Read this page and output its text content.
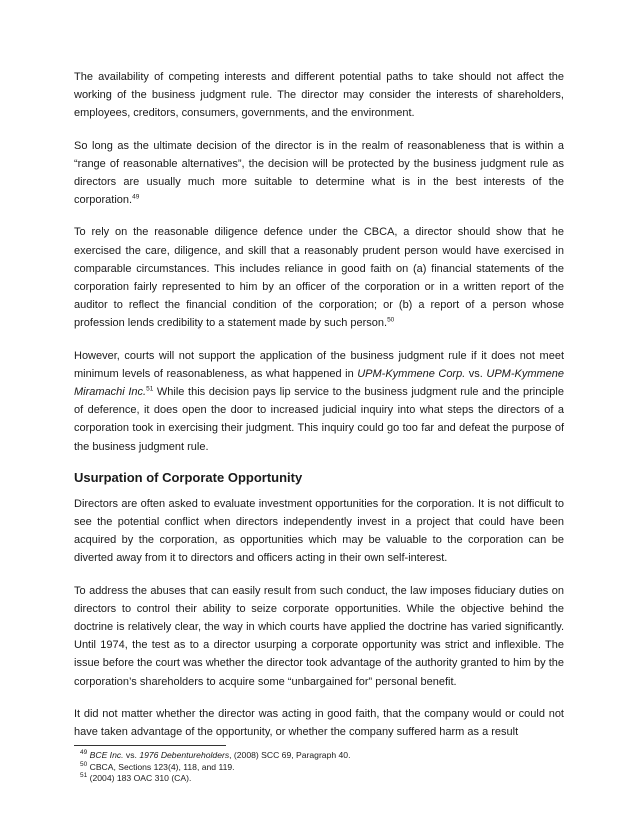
The availability of competing interests and different potential paths to take should not affect the working of the business judgment rule. The director may consider the interests of shareholders, employees, creditors, consumers, governments, and the environment.

So long as the ultimate decision of the director is in the realm of reasonableness that is within a “range of reasonable alternatives”, the decision will be protected by the business judgment rule as directors are usually much more suitable to determine what is in the best interests of the corporation.$^{49}$

To rely on the reasonable diligence defence under the CBCA, a director should show that he exercised the care, diligence, and skill that a reasonably prudent person would have exercised in comparable circumstances. This includes reliance in good faith on (a) financial statements of the corporation fairly represented to him by an officer of the corporation or in a written report of the auditor to reflect the financial condition of the corporation; or (b) a report of a person whose profession lends credibility to a statement made by such person.$^{50}$

However, courts will not support the application of the business judgment rule if it does not meet minimum levels of reasonableness, as what happened in UPM-Kymmene Corp. vs. UPM-Kymmene Miramachi Inc.$^{51}$ While this decision pays lip service to the business judgment rule and the principle of deference, it does open the door to increased judicial inquiry into what steps the directors of a corporation took in exercising their judgment. This inquiry could go too far and defeat the purpose of the business judgment rule.

Usurpation of Corporate Opportunity

Directors are often asked to evaluate investment opportunities for the corporation. It is not difficult to see the potential conflict when directors independently invest in a project that could have been acquired by the corporation, as opportunities which may be valuable to the corporation can be diverted away from it to directors and officers acting in their own self-interest.

To address the abuses that can easily result from such conduct, the law imposes fiduciary duties on directors to control their ability to seize corporate opportunities. While the objective behind the doctrine is relatively clear, the way in which courts have applied the doctrine has varied significantly. Until 1974, the test as to a director usurping a corporate opportunity was strict and inflexible. The issue before the court was whether the director took advantage of the authority granted to him by the corporation’s shareholders to acquire some “unbargained for” personal benefit.

It did not matter whether the director was acting in good faith, that the company would or could not have taken advantage of the opportunity, or whether the company suffered harm as a result

$^{49}$ BCE Inc. vs. 1976 Debentureholders, (2008) SCC 69, Paragraph 40.

$^{50}$ CBCA, Sections 123(4), 118, and 119.

$^{51}$ (2004) 183 OAC 310 (CA).
